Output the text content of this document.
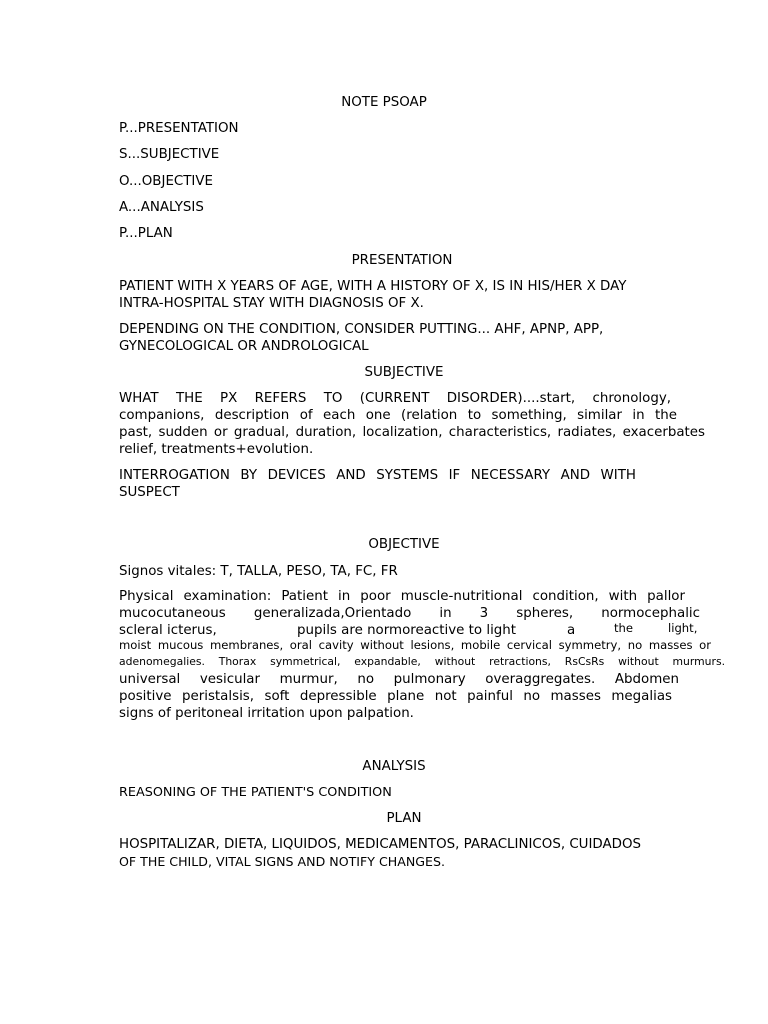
NOTE PSOAP

P...PRESENTATION

S...SUBJECTIVE

O...OBJECTIVE

A...ANALYSIS

P...PLAN

PRESENTATION

PATIENT WITH X YEARS OF AGE, WITH A HISTORY OF X, IS IN HIS/HER X DAY

INTRA-HOSPITAL STAY WITH DIAGNOSIS OF X.

DEPENDING ON THE CONDITION, CONSIDER PUTTING... AHF, APNP, APP,

GYNECOLOGICAL OR ANDROLOGICAL

SUBJECTIVE

WHAT THE PX REFERS TO (CURRENT DISORDER)....start, chronology,

companions, description of each one (relation to something, similar in the

past, sudden or gradual, duration, localization, characteristics, radiates, exacerbates

relief, treatments+evolution.

INTERROGATION BY DEVICES AND SYSTEMS IF NECESSARY AND WITH

SUSPECT

OBJECTIVE

Signos vitales: T, TALLA, PESO, TA, FC, FR

Physical examination: Patient in poor muscle-nutritional condition, with pallor

mucocutaneous generalizada,Orientado in 3 spheres, normocephalic

scleral icterus,	pupils are normoreactive to light	a	the	light,

moist mucous membranes, oral cavity without lesions, mobile cervical symmetry, no masses or

adenomegalies. Thorax symmetrical, expandable, without retractions, RsCsRs without murmurs.

universal vesicular murmur, no pulmonary overaggregates. Abdomen

positive peristalsis, soft depressible plane not painful no masses megalias

signs of peritoneal irritation upon palpation.

ANALYSIS

REASONING OF THE PATIENT'S CONDITION

PLAN

HOSPITALIZAR, DIETA, LIQUIDOS, MEDICAMENTOS, PARACLINICOS, CUIDADOS

OF THE CHILD, VITAL SIGNS AND NOTIFY CHANGES.
